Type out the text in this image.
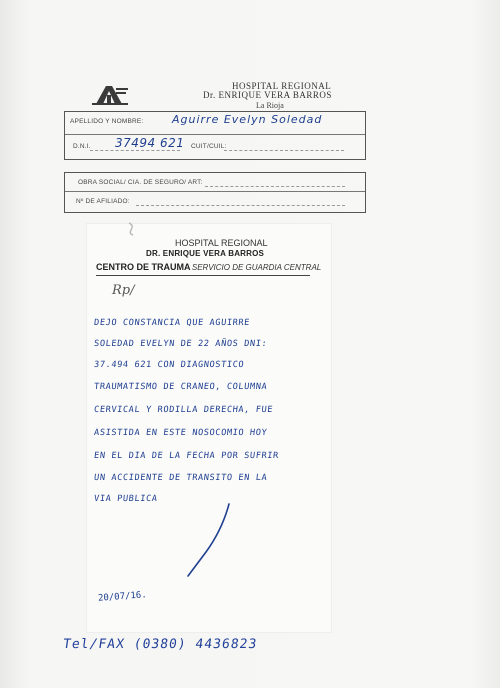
HOSPITAL REGIONAL
Dr. ENRIQUE VERA BARROS
La Rioja
APELLIDO Y NOMBRE:	Aguirre Evelyn Soledad
D.N.I. 37494 621 CUIT/CUIL:
OBRA SOCIAL/ CIA. DE SEGURO/ ART:
Nº DE AFILIADO:
HOSPITAL REGIONAL
DR. ENRIQUE VERA BARROS
CENTRO DE TRAUMA
- SERVICIO DE GUARDIA CENTRAL
Rp/
DEJO CONSTANCIA QUE AGUIRRE
SOLEDAD EVELYN DE 22 AÑOS DNI:
37.494 621 CON DIAGNOSTICO
TRAUMATISMO DE CRANEO, COLUMNA
CERVICAL Y RODILLA DERECHA, FUE
ASISTIDA EN ESTE NOSOCOMIO HOY
EN EL DIA DE LA FECHA POR SUFRIR
UN ACCIDENTE DE TRANSITO EN LA
VIA PUBLICA
20/07/16.
Tel/FAX (0380) 4436823
